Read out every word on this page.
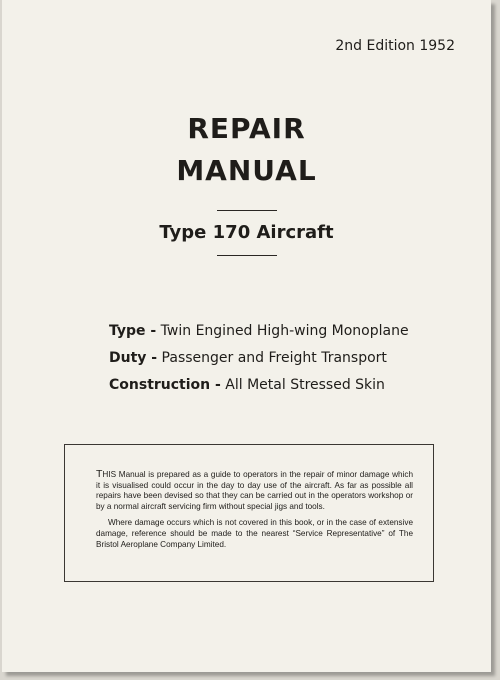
2nd Edition 1952
REPAIR
MANUAL
Type 170 Aircraft
Type - Twin Engined High-wing Monoplane
Duty - Passenger and Freight Transport
Construction - All Metal Stressed Skin

THIS Manual is prepared as a guide to operators in the repair of minor damage which it is visualised could occur in the day to day use of the aircraft. As far as possible all repairs have been devised so that they can be carried out in the operators workshop or by a normal aircraft servicing firm without special jigs and tools.

Where damage occurs which is not covered in this book, or in the case of extensive damage, reference should be made to the nearest “Service Representative” of The Bristol Aeroplane Company Limited.
